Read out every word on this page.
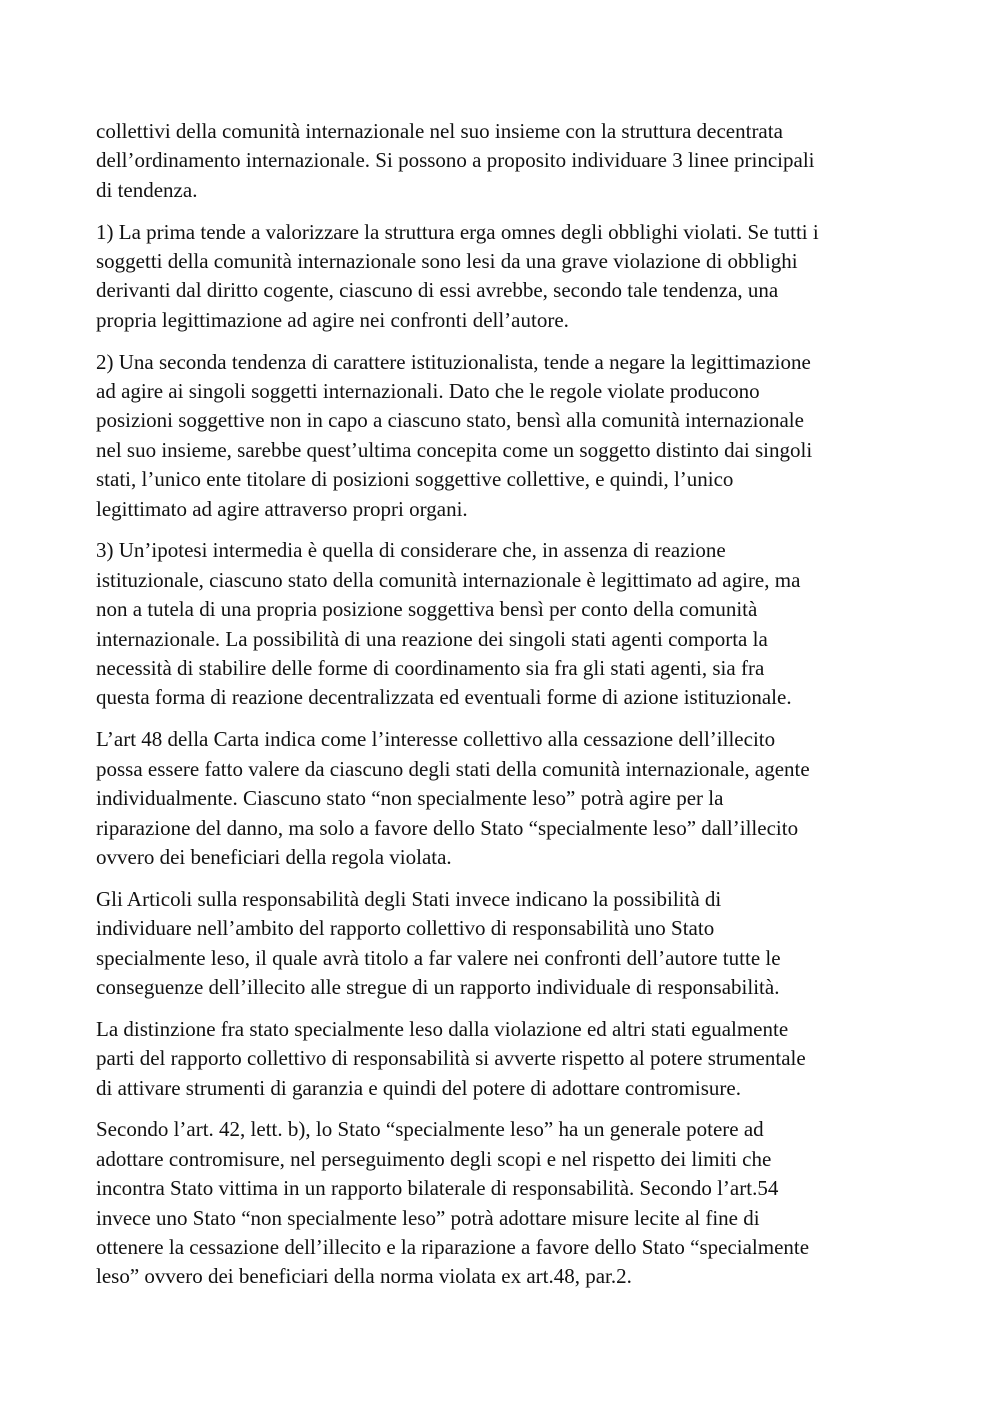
collettivi della comunità internazionale nel suo insieme con la struttura decentrata
dell’ordinamento internazionale. Si possono a proposito individuare 3 linee principali
di tendenza.

1) La prima tende a valorizzare la struttura erga omnes degli obblighi violati. Se tutti i
soggetti della comunità internazionale sono lesi da una grave violazione di obblighi
derivanti dal diritto cogente, ciascuno di essi avrebbe, secondo tale tendenza, una
propria legittimazione ad agire nei confronti dell’autore.

2) Una seconda tendenza di carattere istituzionalista, tende a negare la legittimazione
ad agire ai singoli soggetti internazionali. Dato che le regole violate producono
posizioni soggettive non in capo a ciascuno stato, bensì alla comunità internazionale
nel suo insieme, sarebbe quest’ultima concepita come un soggetto distinto dai singoli
stati, l’unico ente titolare di posizioni soggettive collettive, e quindi, l’unico
legittimato ad agire attraverso propri organi.

3) Un’ipotesi intermedia è quella di considerare che, in assenza di reazione
istituzionale, ciascuno stato della comunità internazionale è legittimato ad agire, ma
non a tutela di una propria posizione soggettiva bensì per conto della comunità
internazionale. La possibilità di una reazione dei singoli stati agenti comporta la
necessità di stabilire delle forme di coordinamento sia fra gli stati agenti, sia fra
questa forma di reazione decentralizzata ed eventuali forme di azione istituzionale.

L’art 48 della Carta indica come l’interesse collettivo alla cessazione dell’illecito
possa essere fatto valere da ciascuno degli stati della comunità internazionale, agente
individualmente. Ciascuno stato “non specialmente leso” potrà agire per la
riparazione del danno, ma solo a favore dello Stato “specialmente leso” dall’illecito
ovvero dei beneficiari della regola violata.

Gli Articoli sulla responsabilità degli Stati invece indicano la possibilità di
individuare nell’ambito del rapporto collettivo di responsabilità uno Stato
specialmente leso, il quale avrà titolo a far valere nei confronti dell’autore tutte le
conseguenze dell’illecito alle stregue di un rapporto individuale di responsabilità.

La distinzione fra stato specialmente leso dalla violazione ed altri stati egualmente
parti del rapporto collettivo di responsabilità si avverte rispetto al potere strumentale
di attivare strumenti di garanzia e quindi del potere di adottare contromisure.

Secondo l’art. 42, lett. b), lo Stato “specialmente leso” ha un generale potere ad
adottare contromisure, nel perseguimento degli scopi e nel rispetto dei limiti che
incontra Stato vittima in un rapporto bilaterale di responsabilità. Secondo l’art.54
invece uno Stato “non specialmente leso” potrà adottare misure lecite al fine di
ottenere la cessazione dell’illecito e la riparazione a favore dello Stato “specialmente
leso” ovvero dei beneficiari della norma violata ex art.48, par.2.
